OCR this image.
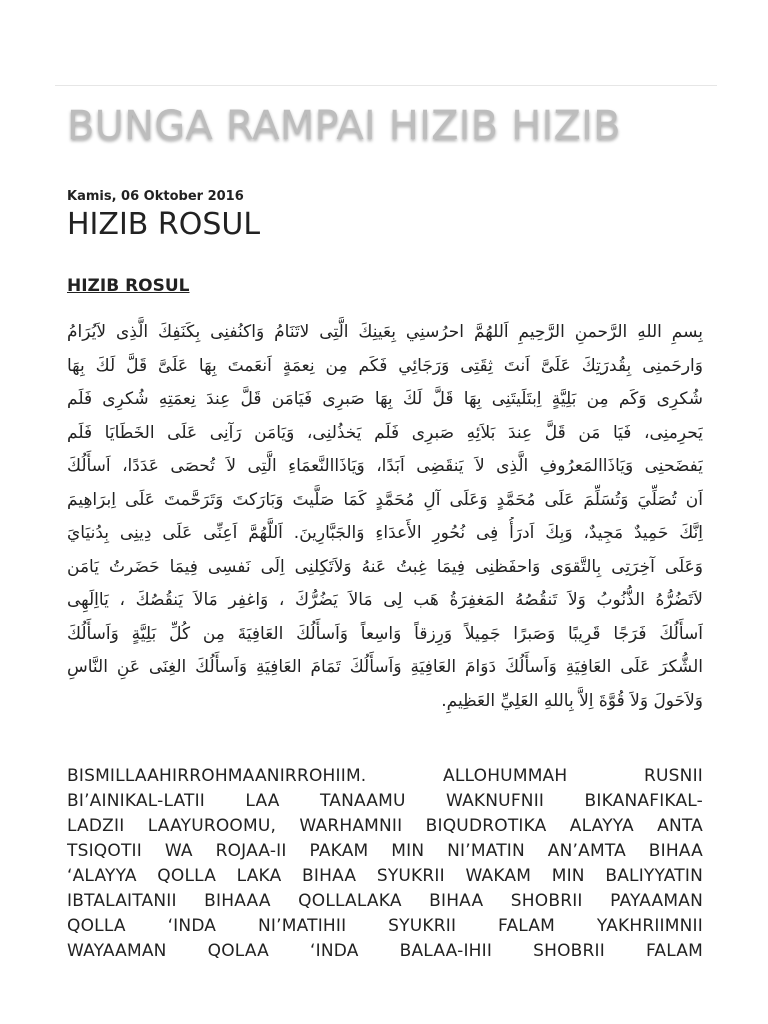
BUNGA RAMPAI HIZIB HIZIB
Kamis, 06 Oktober 2016
HIZIB ROSUL
HIZIB ROSUL
بِسمِ اللهِ الرَّحمنِ الرَّحِيمِ اَللهُمَّ احرُسنِي بِعَينِكَ الَّتِى لاتَنَامُ وَاكنُفنِى بِكَنَفِكَ الَّذِى لاَيُرَامُ
وَارحَمنِى بِقُدرَتِكَ عَلَىَّ اَنتَ ثِقَتِى وَرَجَائِي فَكَم مِن نِعمَةٍ اَنعَمتَ بِهَا عَلَىَّ قَلَّ لَكَ بِهَا
شُكرِى وَكَم مِن بَلِيَّةٍ اِبتَلَيتَنِى بِهَا قَلَّ لَكَ بِهَا صَبرِى فَيَامَن قَلَّ عِندَ نِعمَتِهِ شُكرِى فَلَم
يَحرِمنِى، فَيَا مَن قَلَّ عِندَ بَلاَئِهِ صَبرِى فَلَم يَخذُلنِى، وَيَامَن رَآنِى عَلَى الخَطَايَا فَلَم
يَفضَحنِى وَيَاذَاالمَعرُوفِ الَّذِى لاَ يَنقَضِى اَبَدًا، وَيَاذَاالنَّعمَاءِ الَّتِى لاَ تُحصَى عَدَدًا، اَسأَلُكَ
اَن تُصَلِّيَ وَتُسَلِّمَ عَلَى مُحَمَّدٍ وَعَلَى آلِ مُحَمَّدٍ كَمَا صَلَّيتَ وَبَارَكتَ وَتَرَحَّمتَ عَلَى اِبرَاهِيمَ
اِنَّكَ حَمِيدٌ مَجِيدٌ، وَبِكَ اَدرَأُ فِى نُحُورِ الأَعدَاءِ وَالجَبَّارِينَ. اَللَّهُمَّ اَعِنِّى عَلَى دِينِى بِدُنيَايَ
وَعَلَى آخِرَتِى بِالتَّقوَى وَاحفَظنِى فِيمَا غِبتُ عَنهُ وَلاَتَكِلنِى اِلَى نَفسِى فِيمَا حَضَرتُ يَامَن
لاَتَضُرُّهُ الذُّنُوبُ وَلاَ تَنقُصُهُ المَغفِرَةُ هَب لِى مَالاَ يَضُرُّكَ ، وَاغفِر مَالاَ يَنقُصُكَ ، يَااِلَهِى
اَسأَلُكَ فَرَجًا قَرِيبًا وَصَبرًا جَمِيلاً وَرِزقاً وَاسِعاً وَاَسأَلُكَ العَافِيَةَ مِن كُلِّ بَلِيَّةٍ وَاَسأَلُكَ
الشُّكرَ عَلَى العَافِيَةِ وَاَسأَلُكَ دَوَامَ العَافِيَةِ وَاَسأَلُكَ تَمَامَ العَافِيَةِ وَاَسأَلُكَ الغِنَى عَنِ النَّاسِ
وَلاَحَولَ وَلاَ قُوَّةَ اِلاَّ بِاللهِ العَلِيِّ العَظِيمِ.
BISMILLAAHIRROHMAANIRROHIIM. ALLOHUMMAH RUSNII
BI’AINIKAL-LATII LAA TANAAMU WAKNUFNII BIKANAFIKAL-
LADZII LAAYUROOMU, WARHAMNII BIQUDROTIKA ALAYYA ANTA
TSIQOTII WA ROJAA-II PAKAM MIN NI’MATIN AN’AMTA BIHAA
‘ALAYYA QOLLA LAKA BIHAA SYUKRII WAKAM MIN BALIYYATIN
IBTALAITANII BIHAAA QOLLALAKA BIHAA SHOBRII PAYAAMAN
QOLLA ‘INDA NI’MATIHII SYUKRII FALAM YAKHRIIMNII
WAYAAMAN QOLAA ‘INDA BALAA-IHII SHOBRII FALAM
